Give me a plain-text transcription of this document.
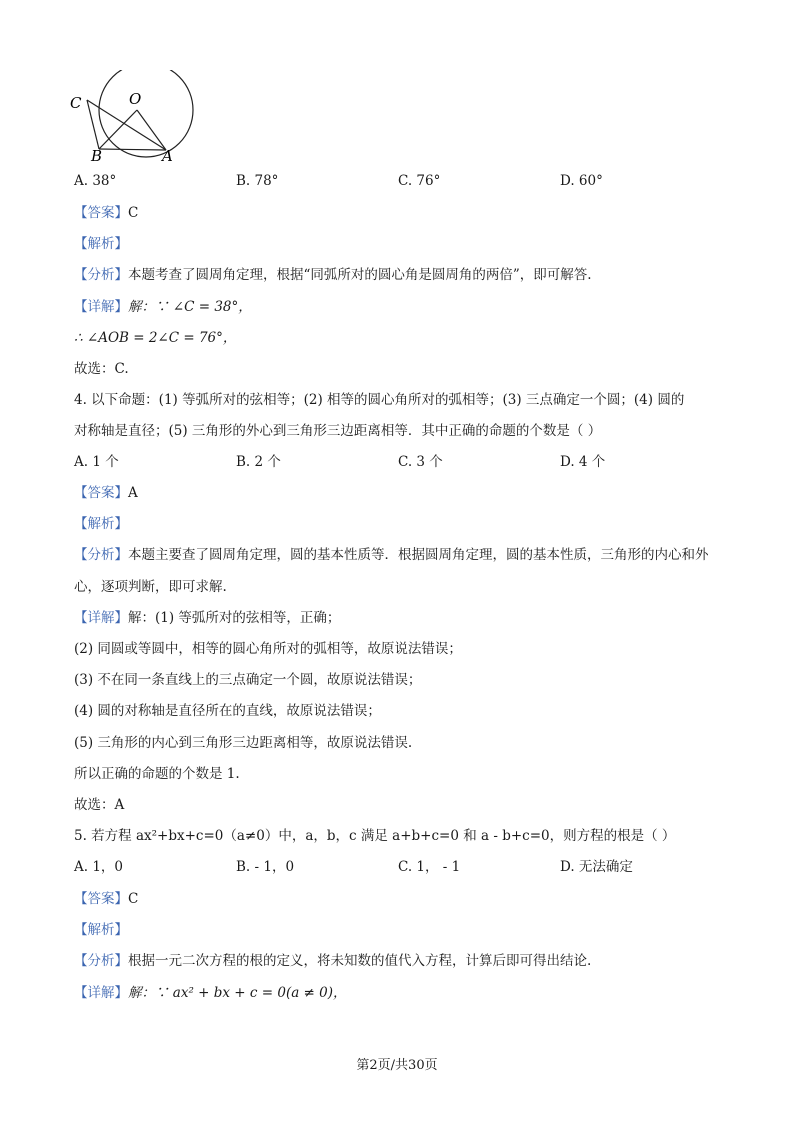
C	O
B	A
A. 38°	B. 78°	C. 76°	D. 60°
【答案】C
【解析】
【分析】本题考查了圆周角定理，根据“同弧所对的圆心角是圆周角的两倍”，即可解答.
【详解】解：∵ ∠C = 38°，
∴ ∠AOB = 2∠C = 76°，
故选：C.
4. 以下命题：(1) 等弧所对的弦相等；(2) 相等的圆心角所对的弧相等；(3) 三点确定一个圆；(4) 圆的
对称轴是直径；(5) 三角形的外心到三角形三边距离相等．其中正确的命题的个数是（ ）
A. 1 个	B. 2 个	C. 3 个	D. 4 个
【答案】A
【解析】
【分析】本题主要查了圆周角定理，圆的基本性质等．根据圆周角定理，圆的基本性质，三角形的内心和外
心，逐项判断，即可求解.
【详解】解：(1) 等弧所对的弦相等，正确；
(2) 同圆或等圆中，相等的圆心角所对的弧相等，故原说法错误；
(3) 不在同一条直线上的三点确定一个圆，故原说法错误；
(4) 圆的对称轴是直径所在的直线，故原说法错误；
(5) 三角形的内心到三角形三边距离相等，故原说法错误.
所以正确的命题的个数是 1.
故选：A
5. 若方程 ax²+bx+c=0（a≠0）中，a，b，c 满足 a+b+c=0 和 a - b+c=0，则方程的根是（ ）
A. 1，0	B. - 1，0	C. 1， - 1	D. 无法确定
【答案】C
【解析】
【分析】根据一元二次方程的根的定义，将未知数的值代入方程，计算后即可得出结论.
【详解】解：∵ ax² + bx + c = 0(a ≠ 0)，
第2页/共30页
